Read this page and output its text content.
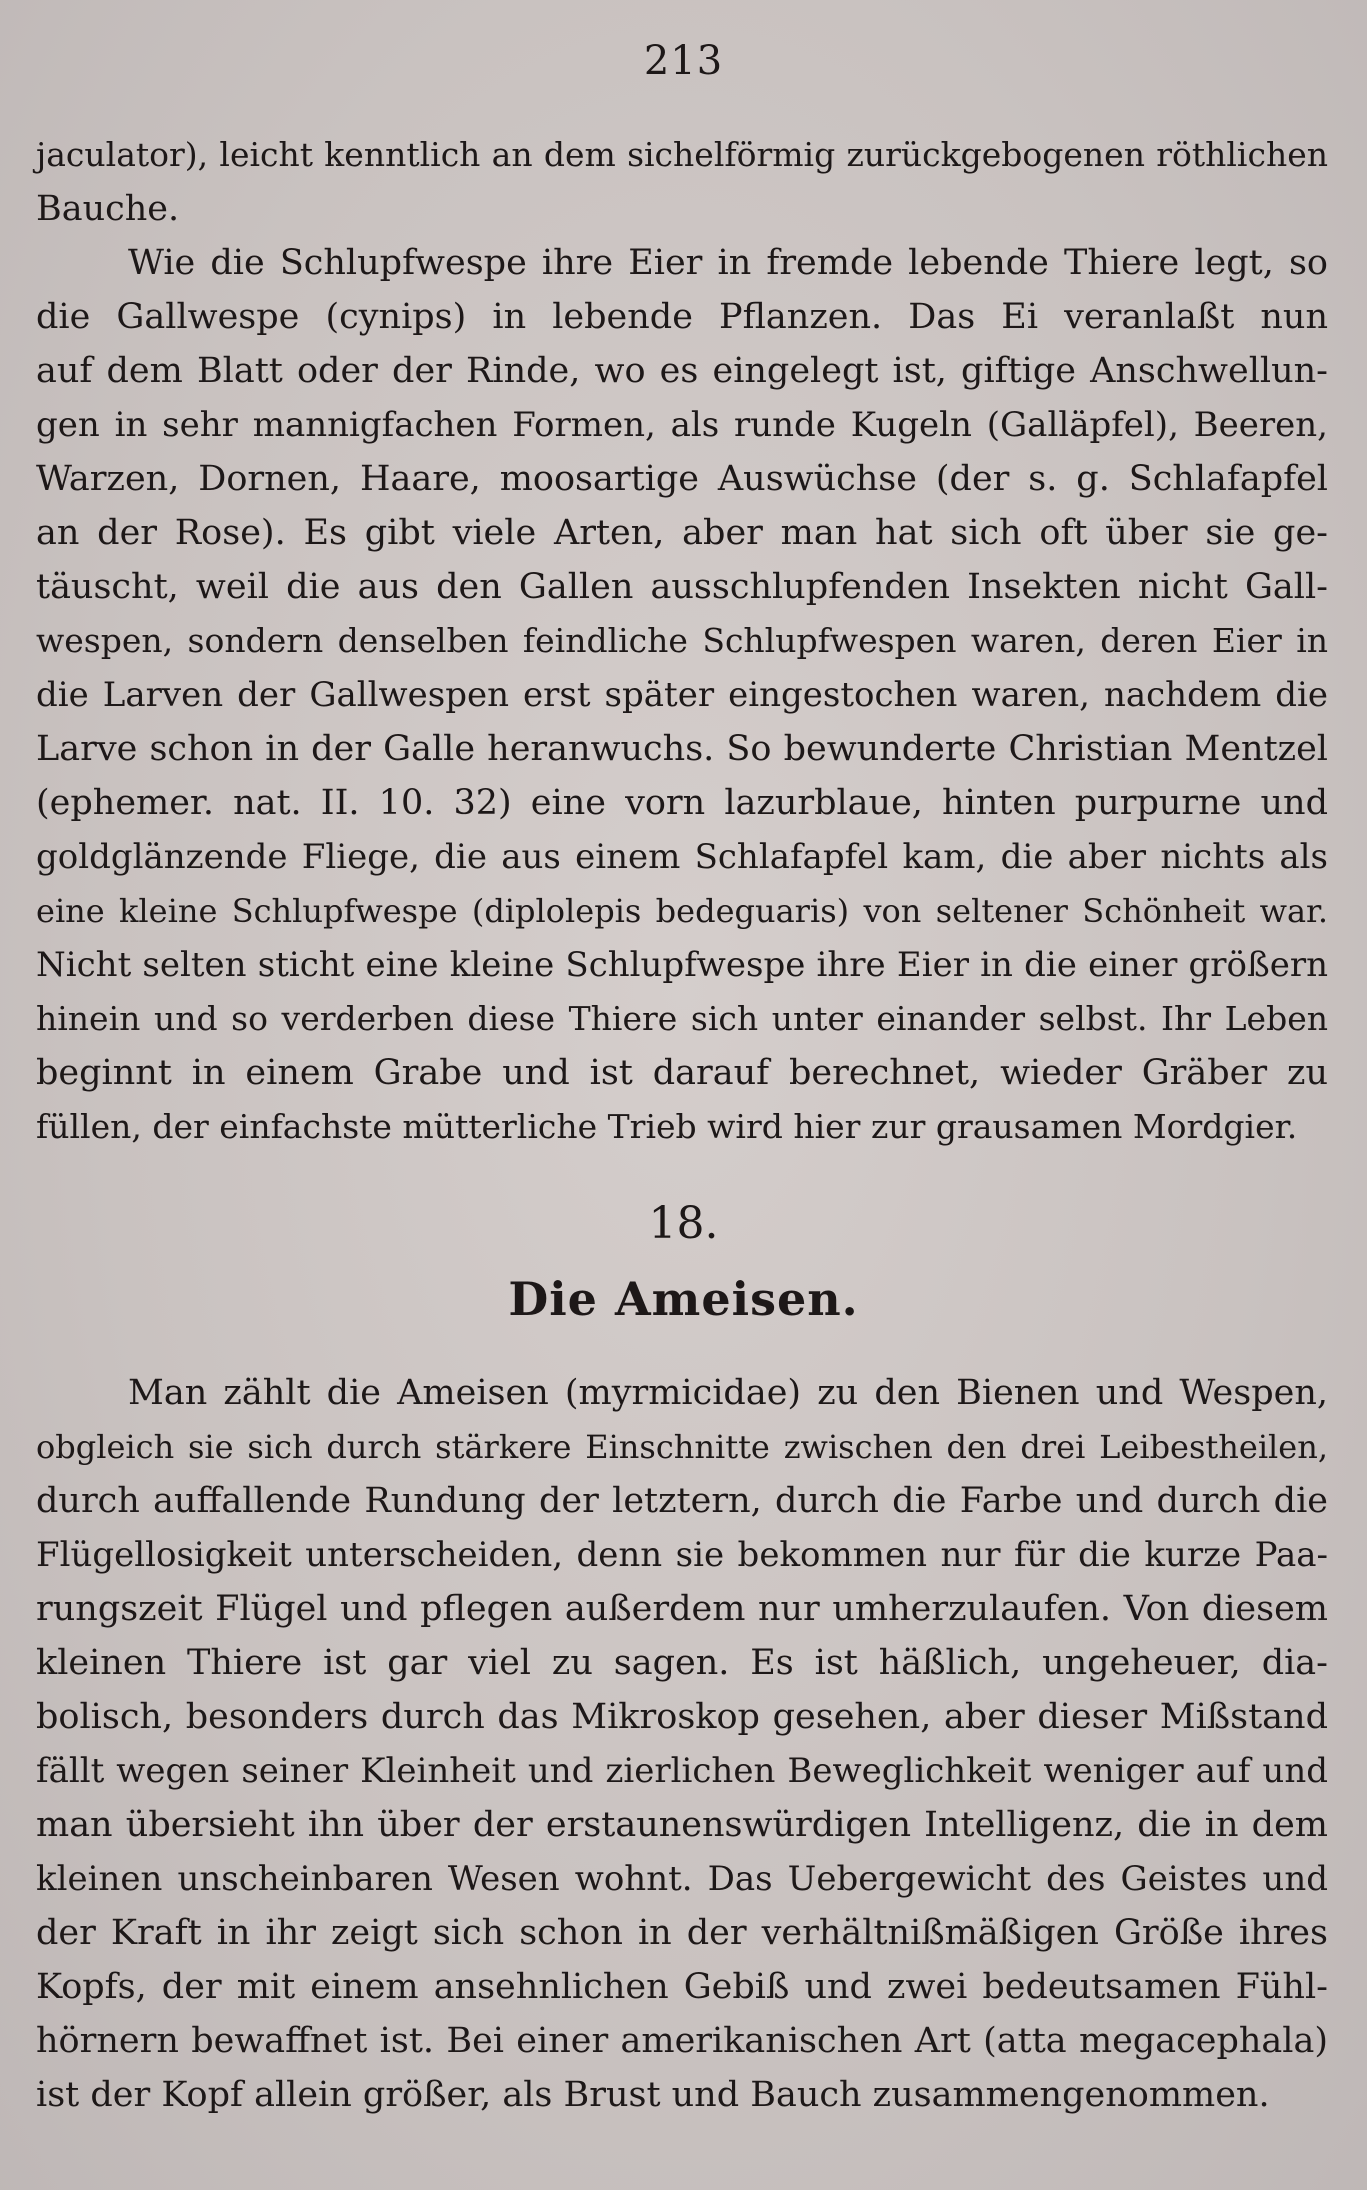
213
jaculator), leicht kenntlich an dem sichelförmig zurückgebogenen röthlichen
Bauche.
Wie die Schlupfwespe ihre Eier in fremde lebende Thiere legt, so
die Gallwespe (cynips) in lebende Pflanzen. Das Ei veranlaßt nun
auf dem Blatt oder der Rinde, wo es eingelegt ist, giftige Anschwellun-
gen in sehr mannigfachen Formen, als runde Kugeln (Galläpfel), Beeren,
Warzen, Dornen, Haare, moosartige Auswüchse (der s. g. Schlafapfel
an der Rose). Es gibt viele Arten, aber man hat sich oft über sie ge-
täuscht, weil die aus den Gallen ausschlupfenden Insekten nicht Gall-
wespen, sondern denselben feindliche Schlupfwespen waren, deren Eier in
die Larven der Gallwespen erst später eingestochen waren, nachdem die
Larve schon in der Galle heranwuchs. So bewunderte Christian Mentzel
(ephemer. nat. II. 10. 32) eine vorn lazurblaue, hinten purpurne und
goldglänzende Fliege, die aus einem Schlafapfel kam, die aber nichts als
eine kleine Schlupfwespe (diplolepis bedeguaris) von seltener Schönheit war.
Nicht selten sticht eine kleine Schlupfwespe ihre Eier in die einer größern
hinein und so verderben diese Thiere sich unter einander selbst. Ihr Leben
beginnt in einem Grabe und ist darauf berechnet, wieder Gräber zu
füllen, der einfachste mütterliche Trieb wird hier zur grausamen Mordgier.
18.
Die Ameisen.
Man zählt die Ameisen (myrmicidae) zu den Bienen und Wespen,
obgleich sie sich durch stärkere Einschnitte zwischen den drei Leibestheilen,
durch auffallende Rundung der letztern, durch die Farbe und durch die
Flügellosigkeit unterscheiden, denn sie bekommen nur für die kurze Paa-
rungszeit Flügel und pflegen außerdem nur umherzulaufen. Von diesem
kleinen Thiere ist gar viel zu sagen. Es ist häßlich, ungeheuer, dia-
bolisch, besonders durch das Mikroskop gesehen, aber dieser Mißstand
fällt wegen seiner Kleinheit und zierlichen Beweglichkeit weniger auf und
man übersieht ihn über der erstaunenswürdigen Intelligenz, die in dem
kleinen unscheinbaren Wesen wohnt. Das Uebergewicht des Geistes und
der Kraft in ihr zeigt sich schon in der verhältnißmäßigen Größe ihres
Kopfs, der mit einem ansehnlichen Gebiß und zwei bedeutsamen Fühl-
hörnern bewaffnet ist. Bei einer amerikanischen Art (atta megacephala)
ist der Kopf allein größer, als Brust und Bauch zusammengenommen.
